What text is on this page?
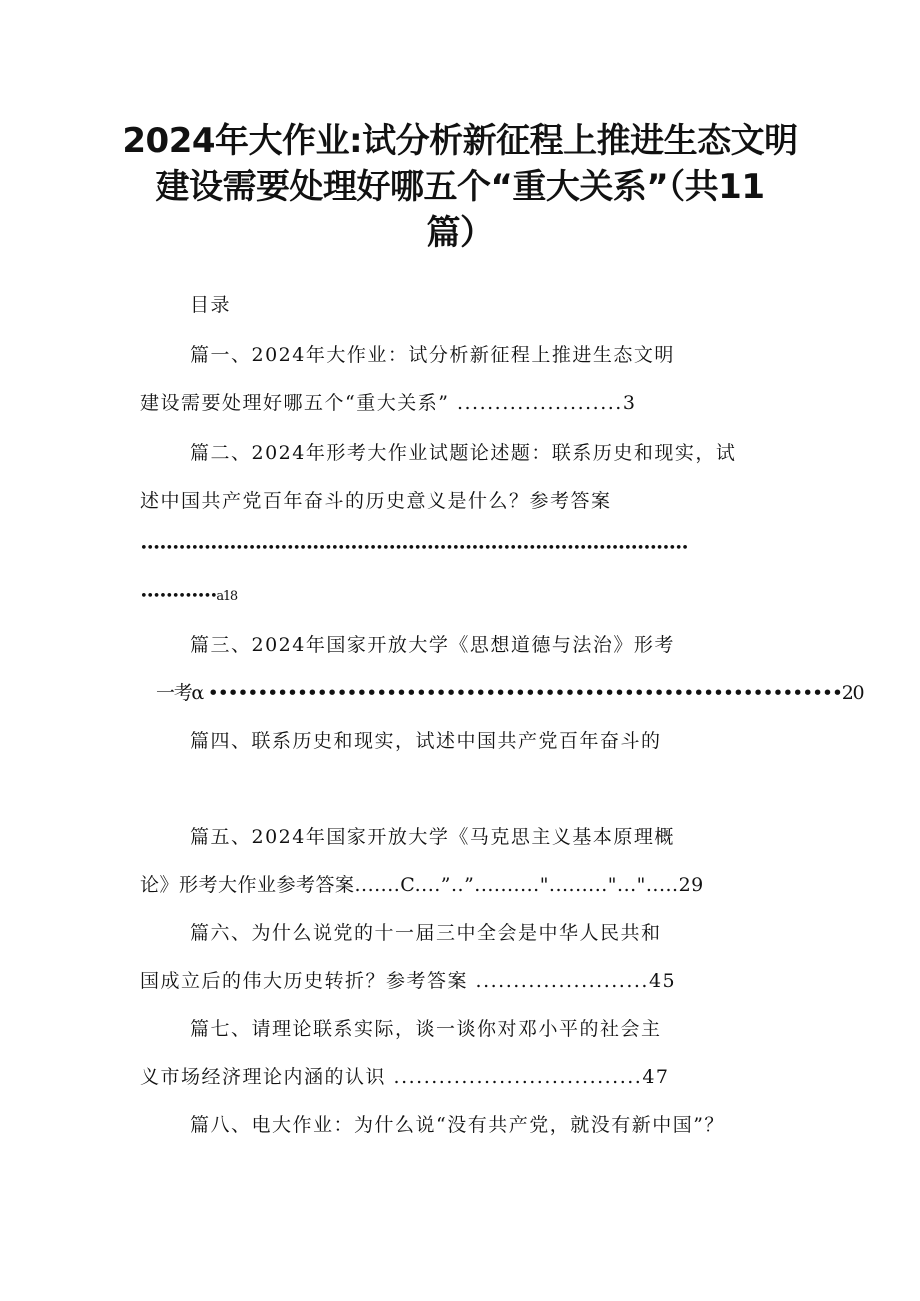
2024年大作业:试分析新征程上推进生态文明
建设需要处理好哪五个“重大关系”（共11
篇）
目录
篇一、2024年大作业：试分析新征程上推进生态文明
建设需要处理好哪五个“重大关系” ......................3
篇二、2024年形考大作业试题论述题：联系历史和现实，试
述中国共产党百年奋斗的历史意义是什么？参考答案
••••••••••••••••••••••••••••••••••••••••••••••••••••••••••••••••••••••••••••••••••••••
••••••••••••a18
篇三、2024年国家开放大学《思想道德与法治》形考
一考α ••••••••••••••••••••••••••••••••••••••••••••••••••••••••••••••••20
篇四、联系历史和现实，试述中国共产党百年奋斗的
篇五、2024年国家开放大学《马克思主义基本原理概
论》形考大作业参考答案.......C....”..”.........."........."...".....29
篇六、为什么说党的十一届三中全会是中华人民共和
国成立后的伟大历史转折？参考答案 .......................45
篇七、请理论联系实际，谈一谈你对邓小平的社会主
义市场经济理论内涵的认识 .................................47
篇八、电大作业：为什么说“没有共产党，就没有新中国”？
